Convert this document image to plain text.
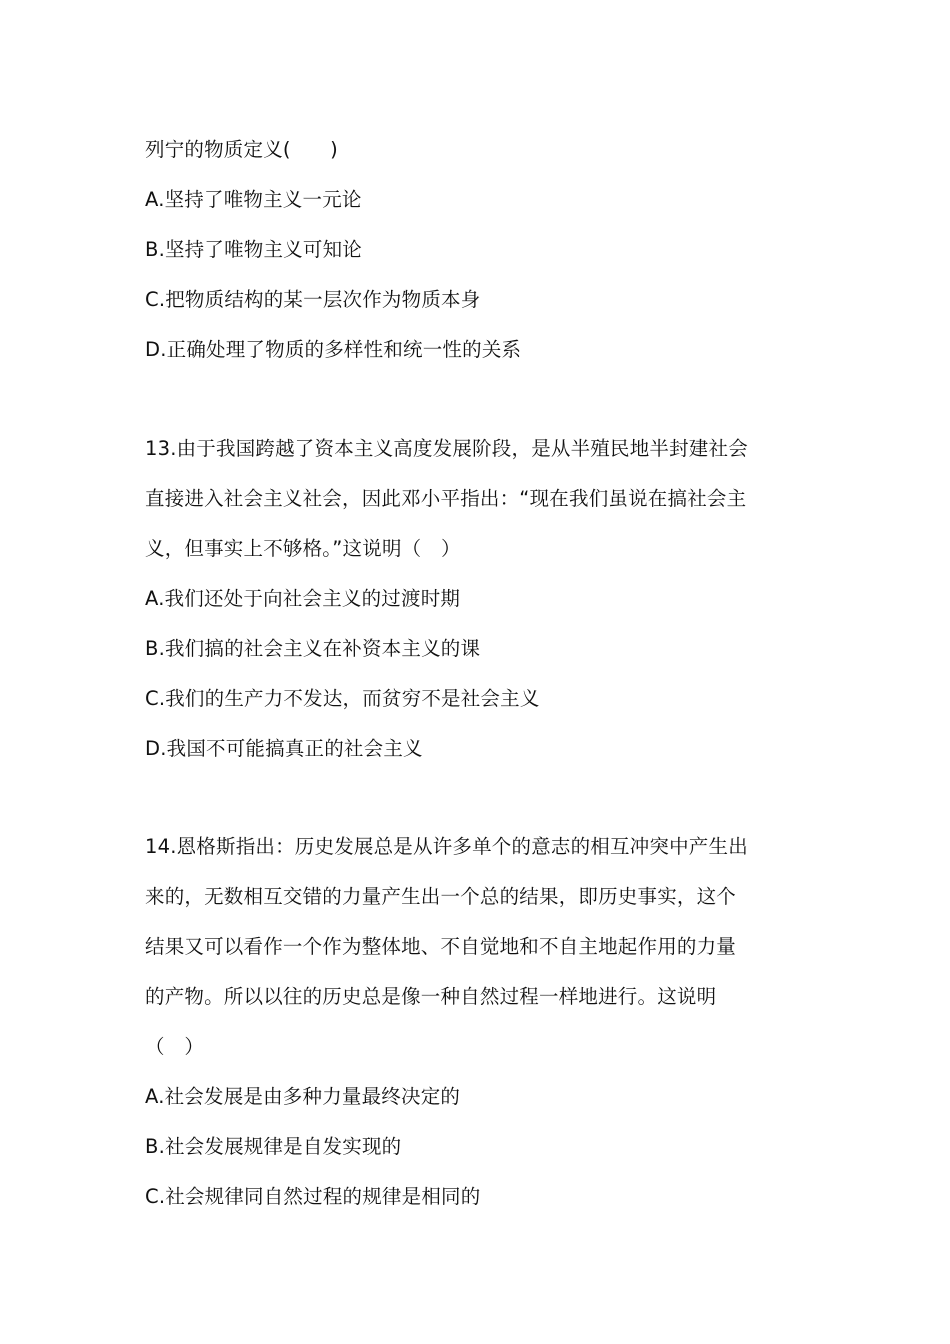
列宁的物质定义(　　)
A.坚持了唯物主义一元论
B.坚持了唯物主义可知论
C.把物质结构的某一层次作为物质本身
D.正确处理了物质的多样性和统一性的关系
13.由于我国跨越了资本主义高度发展阶段，是从半殖民地半封建社会
直接进入社会主义社会，因此邓小平指出：“现在我们虽说在搞社会主
义，但事实上不够格。”这说明（　）
A.我们还处于向社会主义的过渡时期
B.我们搞的社会主义在补资本主义的课
C.我们的生产力不发达，而贫穷不是社会主义
D.我国不可能搞真正的社会主义
14.恩格斯指出：历史发展总是从许多单个的意志的相互冲突中产生出
来的，无数相互交错的力量产生出一个总的结果，即历史事实，这个
结果又可以看作一个作为整体地、不自觉地和不自主地起作用的力量
的产物。所以以往的历史总是像一种自然过程一样地进行。这说明
（　）
A.社会发展是由多种力量最终决定的
B.社会发展规律是自发实现的
C.社会规律同自然过程的规律是相同的
